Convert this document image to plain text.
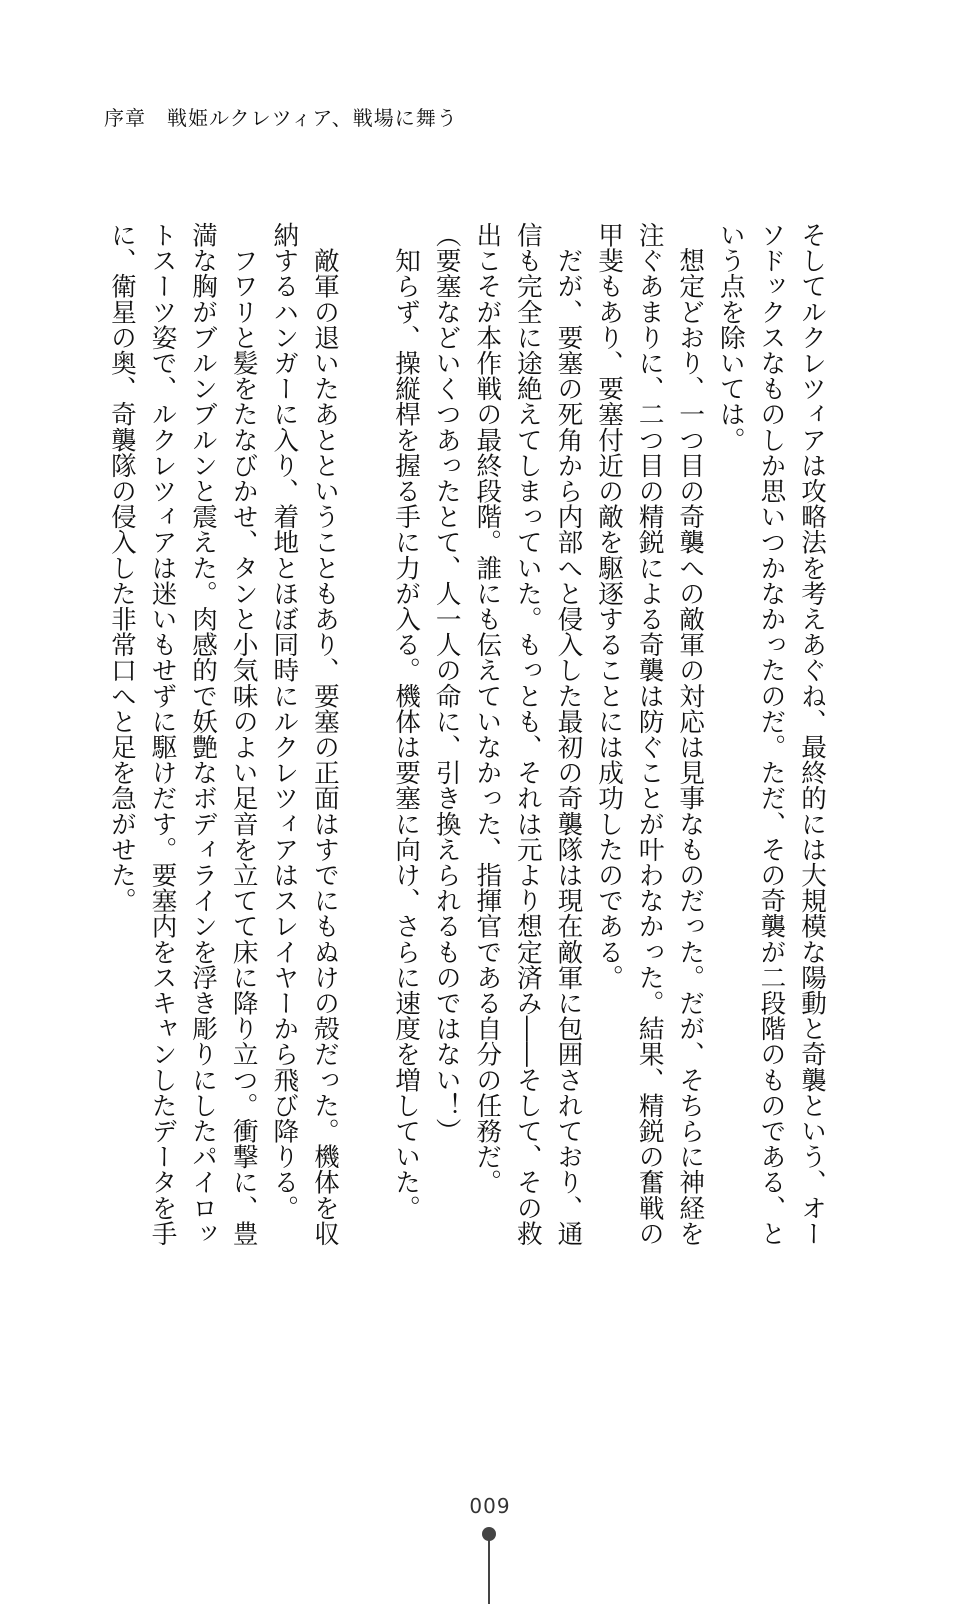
序章　戦姫ルクレツィア、戦場に舞う
そしてルクレツィアは攻略法を考えあぐね、最終的には大規模な陽動と奇襲という、オー
ソドックスなものしか思いつかなかったのだ。ただ、その奇襲が二段階のものである、と
いう点を除いては。
　想定どおり、一つ目の奇襲への敵軍の対応は見事なものだった。だが、そちらに神経を
注ぐあまりに、二つ目の精鋭による奇襲は防ぐことが叶わなかった。結果、精鋭の奮戦の
甲斐もあり、要塞付近の敵を駆逐することには成功したのである。
　だが、要塞の死角から内部へと侵入した最初の奇襲隊は現在敵軍に包囲されており、通
信も完全に途絶えてしまっていた。もっとも、それは元より想定済み――そして、その救
出こそが本作戦の最終段階。誰にも伝えていなかった、指揮官である自分の任務だ。
（要塞などいくつあったとて、人一人の命に、引き換えられるものではない！）
　知らず、操縦桿を握る手に力が入る。機体は要塞に向け、さらに速度を増していた。
　敵軍の退いたあとということもあり、要塞の正面はすでにもぬけの殻だった。機体を収
納するハンガーに入り、着地とほぼ同時にルクレツィアはスレイヤーから飛び降りる。
　フワリと髪をたなびかせ、タンと小気味のよい足音を立てて床に降り立つ。衝撃に、豊
満な胸がブルンブルンと震えた。肉感的で妖艶なボディラインを浮き彫りにしたパイロッ
トスーツ姿で、ルクレツィアは迷いもせずに駆けだす。要塞内をスキャンしたデータを手
に、衛星の奥、奇襲隊の侵入した非常口へと足を急がせた。
009
